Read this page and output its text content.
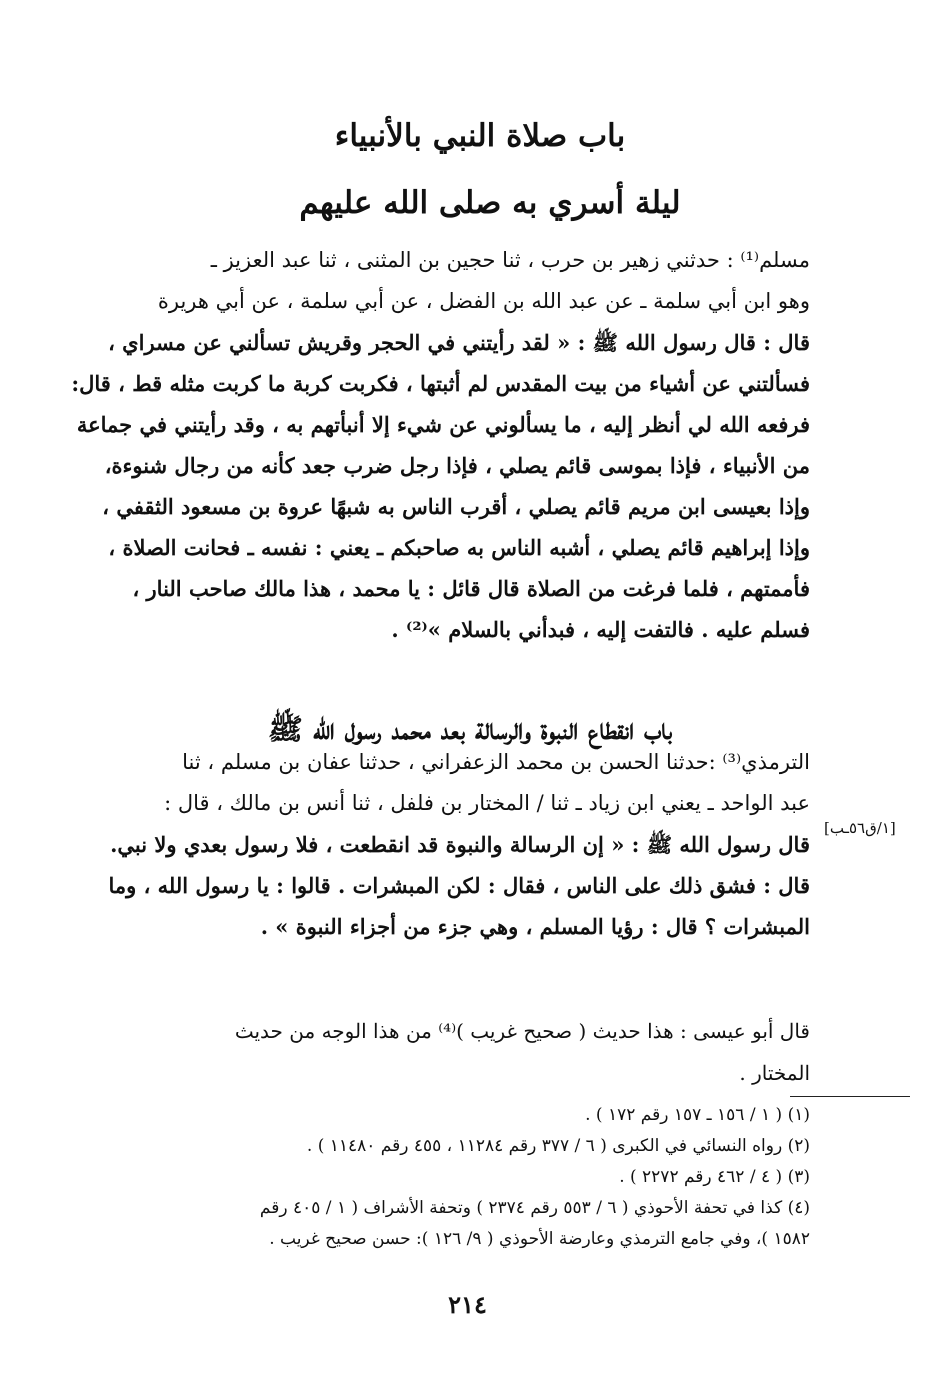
باب صلاة النبي بالأنبياء
ليلة أسري به صلى الله عليهم
مسلم⁽¹⁾ : حدثني زهير بن حرب ، ثنا حجين بن المثنى ، ثنا عبد العزيز ـ
وهو ابن أبي سلمة ـ عن عبد الله بن الفضل ، عن أبي سلمة ، عن أبي هريرة
قال : قال رسول الله ﷺ : « لقد رأيتني في الحجر وقريش تسألني عن مسراي ،
فسألتني عن أشياء من بيت المقدس لم أثبتها ، فكربت كربة ما كربت مثله قط ، قال:
فرفعه الله لي أنظر إليه ، ما يسألوني عن شيء إلا أنبأتهم به ، وقد رأيتني في جماعة
من الأنبياء ، فإذا بموسى قائم يصلي ، فإذا رجل ضرب جعد كأنه من رجال شنوءة،
وإذا بعيسى ابن مريم قائم يصلي ، أقرب الناس به شبهًا عروة بن مسعود الثقفي ،
وإذا إبراهيم قائم يصلي ، أشبه الناس به صاحبكم ـ يعني : نفسه ـ فحانت الصلاة ،
فأممتهم ، فلما فرغت من الصلاة قال قائل : يا محمد ، هذا مالك صاحب النار ،
فسلم عليه . فالتفت إليه ، فبدأني بالسلام »⁽²⁾ .
باب انقطاع النبوة والرسالة بعد محمد رسول الله ﷺ
الترمذي⁽³⁾ :حدثنا الحسن بن محمد الزعفراني ، حدثنا عفان بن مسلم ، ثنا
عبد الواحد ـ يعني ابن زياد ـ ثنا / المختار بن فلفل ، ثنا أنس بن مالك ، قال :
قال رسول الله ﷺ : « إن الرسالة والنبوة قد انقطعت ، فلا رسول بعدي ولا نبي.
قال : فشق ذلك على الناس ، فقال : لكن المبشرات . قالوا : يا رسول الله ، وما
المبشرات ؟ قال : رؤيا المسلم ، وهي جزء من أجزاء النبوة » .
[١/ق٥٦ـب]
قال أبو عيسى : هذا حديث ( صحيح غريب )⁽⁴⁾ من هذا الوجه من حديث
المختار .
(١) ( ١ / ١٥٦ ـ ١٥٧ رقم ١٧٢ ) .
(٢) رواه النسائي في الكبرى ( ٦ / ٣٧٧ رقم ١١٢٨٤ ، ٤٥٥ رقم ١١٤٨٠ ) .
(٣) ( ٤ / ٤٦٢ رقم ٢٢٧٢ ) .
(٤) كذا في تحفة الأحوذي ( ٦ / ٥٥٣ رقم ٢٣٧٤ ) وتحفة الأشراف ( ١ / ٤٠٥ رقم
١٥٨٢ )، وفي جامع الترمذي وعارضة الأحوذي ( ٩/ ١٢٦ ): حسن صحيح غريب .
٢١٤
